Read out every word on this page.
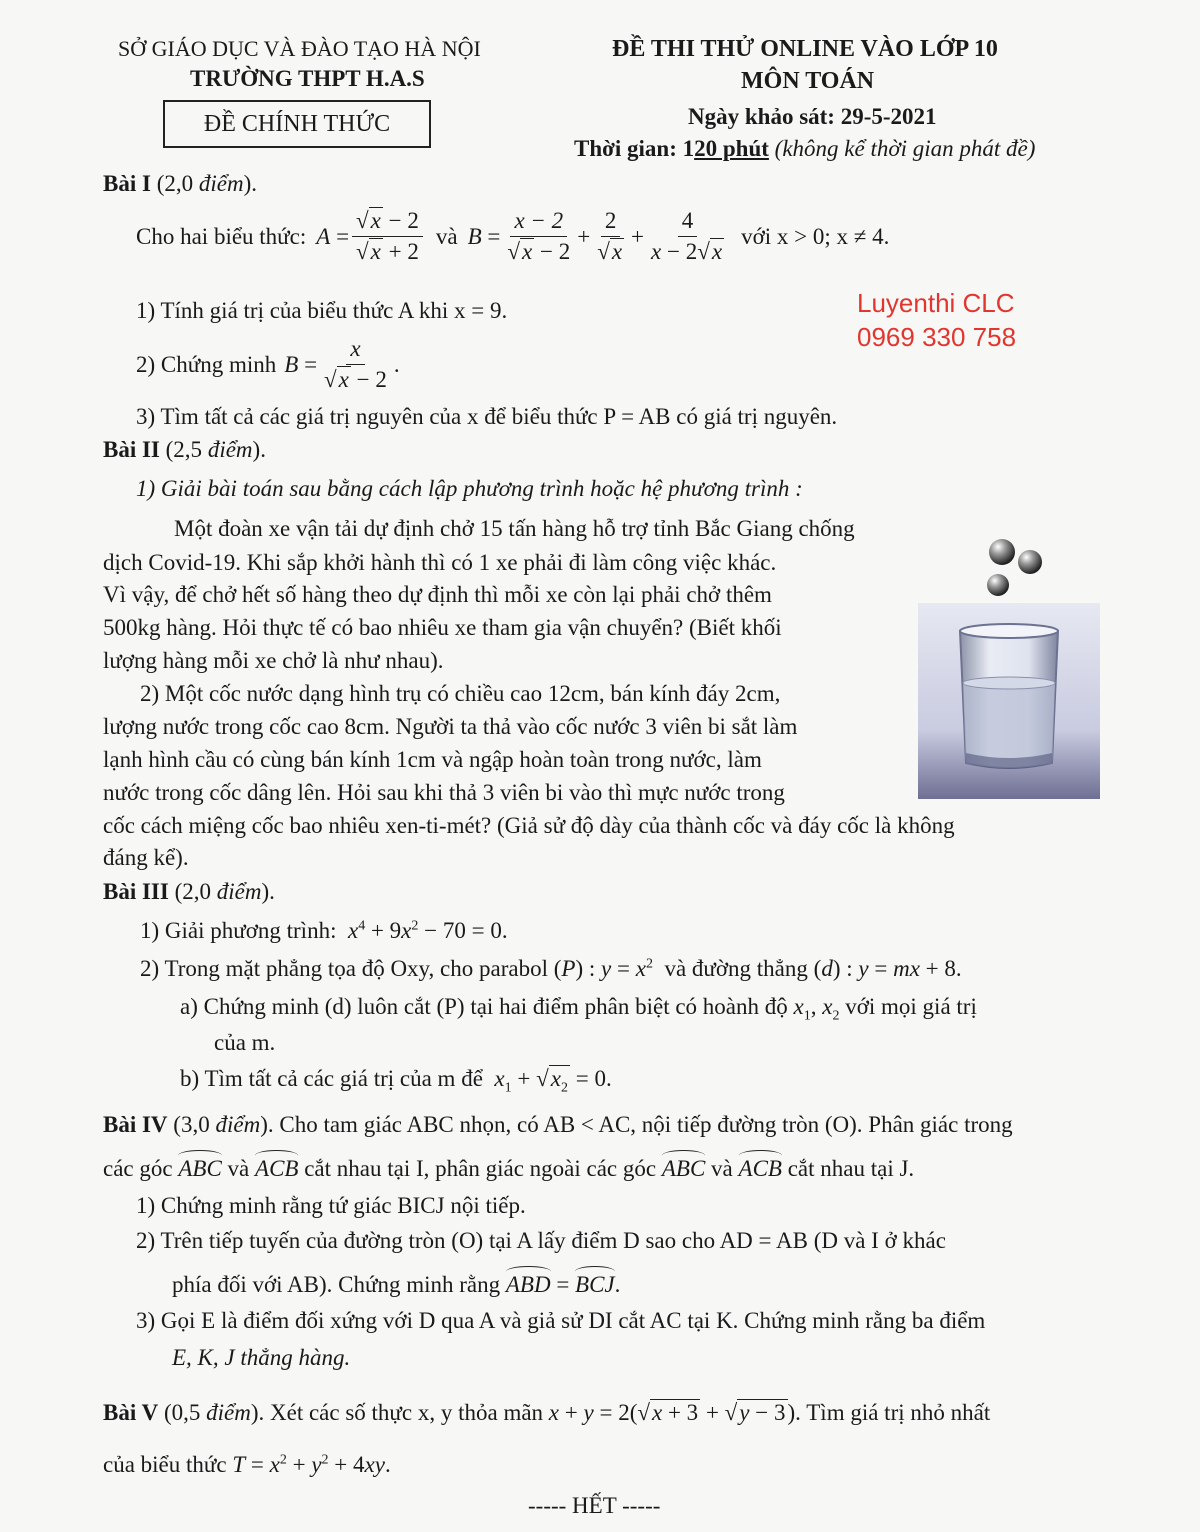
SỞ GIÁO DỤC VÀ ĐÀO TẠO HÀ NỘI
TRƯỜNG THPT H.A.S
ĐỀ CHÍNH THỨC
ĐỀ THI THỬ ONLINE VÀO LỚP 10
MÔN TOÁN
Ngày khảo sát: 29-5-2021
Thời gian: 120 phút (không kể thời gian phát đề)
Luyenthi CLC
0969 330 758
Bài I (2,0 điểm).
Cho hai biểu thức: $A = \frac{√x - 2}{√x + 2}$ và $B = \frac{x - 2}{√x - 2} + \frac{2}{√x} + \frac{4}{x - 2√x}$ với x > 0; x ≠ 4.
1) Tính giá trị của biểu thức A khi x = 9.
2) Chứng minh $B = \frac{x}{√x - 2}$ .
3) Tìm tất cả các giá trị nguyên của x để biểu thức P = AB có giá trị nguyên.
Bài II (2,5 điểm).
1) Giải bài toán sau bằng cách lập phương trình hoặc hệ phương trình :
Một đoàn xe vận tải dự định chở 15 tấn hàng hỗ trợ tỉnh Bắc Giang chống
dịch Covid-19. Khi sắp khởi hành thì có 1 xe phải đi làm công việc khác.
Vì vậy, để chở hết số hàng theo dự định thì mỗi xe còn lại phải chở thêm
500kg hàng. Hỏi thực tế có bao nhiêu xe tham gia vận chuyển? (Biết khối
lượng hàng mỗi xe chở là như nhau).
2) Một cốc nước dạng hình trụ có chiều cao 12cm, bán kính đáy 2cm,
lượng nước trong cốc cao 8cm. Người ta thả vào cốc nước 3 viên bi sắt làm
lạnh hình cầu có cùng bán kính 1cm và ngập hoàn toàn trong nước, làm
nước trong cốc dâng lên. Hỏi sau khi thả 3 viên bi vào thì mực nước trong
cốc cách miệng cốc bao nhiêu xen-ti-mét? (Giả sử độ dày của thành cốc và đáy cốc là không
đáng kể).
Bài III (2,0 điểm).
1) Giải phương trình: $x^4 + 9x^2 - 70 = 0$.
2) Trong mặt phẳng tọa độ Oxy, cho parabol (P) : $y = x^2$ và đường thẳng (d) : y = mx + 8.
a) Chứng minh (d) luôn cắt (P) tại hai điểm phân biệt có hoành độ $x_1$, $x_2$ với mọi giá trị
của m.
b) Tìm tất cả các giá trị của m để $x_1 + √x_2 = 0$.
Bài IV (3,0 điểm). Cho tam giác ABC nhọn, có AB < AC, nội tiếp đường tròn (O). Phân giác trong
các góc ABC và ACB cắt nhau tại I, phân giác ngoài các góc ABC và ACB cắt nhau tại J.
1) Chứng minh rằng tứ giác BICJ nội tiếp.
2) Trên tiếp tuyến của đường tròn (O) tại A lấy điểm D sao cho AD = AB (D và I ở khác
phía đối với AB). Chứng minh rằng ABD = BCJ.
3) Gọi E là điểm đối xứng với D qua A và giả sử DI cắt AC tại K. Chứng minh rằng ba điểm
E, K, J thẳng hàng.
Bài V (0,5 điểm). Xét các số thực x, y thỏa mãn x + y = 2(√x + 3 + √y − 3). Tìm giá trị nhỏ nhất
của biểu thức $T = x^2 + y^2 + 4xy$.
----- HẾT -----
